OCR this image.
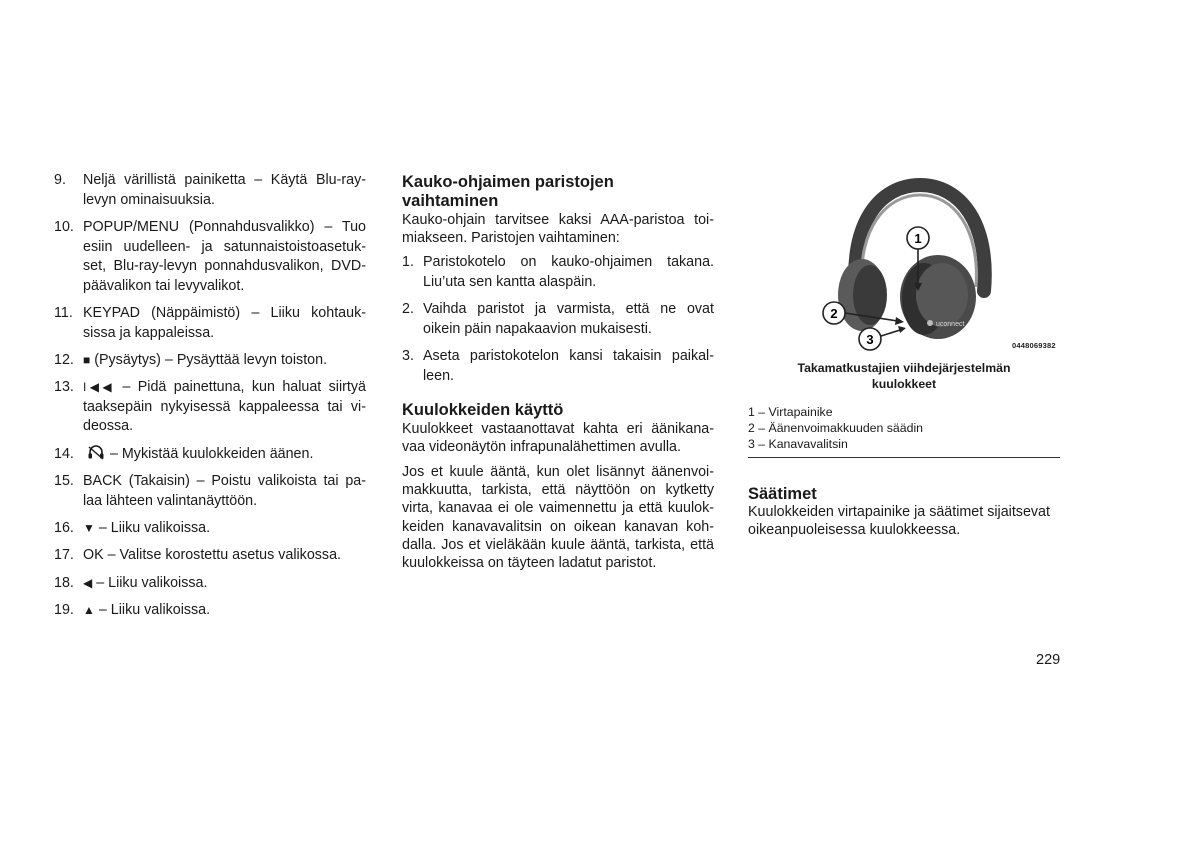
9. Neljä värillistä painiketta – Käytä Blu-ray-levyn ominaisuuksia.
10. POPUP/MENU (Ponnahdusvalikko) – Tuo esiin uudelleen- ja satunnaistoistoasetuk-set, Blu-ray-levyn ponnahdusvalikon, DVD-päävalikon tai levyvalikot.
11. KEYPAD (Näppäimistö) – Liiku kohtauk-sissa ja kappaleissa.
12. ■ (Pysäytys) – Pysäyttää levyn toiston.
13. I◀◀ – Pidä painettuna, kun haluat siirtyä taaksepäin nykyisessä kappaleessa tai vi-deossa.
14.	– Mykistää kuulokkeiden äänen.
15. BACK (Takaisin) – Poistu valikoista tai pa-laa lähteen valintanäyttöön.
16. ▼ – Liiku valikoissa.
17. OK – Valitse korostettu asetus valikossa.
18. ◀ – Liiku valikoissa.
19. ▲ – Liiku valikoissa.
Kauko-ohjaimen paristojen vaihtaminen
Kauko-ohjain tarvitsee kaksi AAA-paristoa toi-miakseen. Paristojen vaihtaminen:
1. Paristokotelo on kauko-ohjaimen takana. Liu’uta sen kantta alaspäin.
2. Vaihda paristot ja varmista, että ne ovat oikein päin napakaavion mukaisesti.
3. Aseta paristokotelon kansi takaisin paikal-leen.
Kuulokkeiden käyttö
Kuulokkeet vastaanottavat kahta eri äänikana-vaa videonäytön infrapunalähettimen avulla.
Jos et kuule ääntä, kun olet lisännyt äänenvoi-makkuutta, tarkista, että näyttöön on kytketty virta, kanavaa ei ole vaimennettu ja että kuulok-keiden kanavavalitsin on oikean kanavan koh-dalla. Jos et vieläkään kuule ääntä, tarkista, että kuulokkeissa on täyteen ladatut paristot.
uconnect
1
2
3	0448069382
Takamatkustajien viihdejärjestelmän kuulokkeet
1 – Virtapainike
2 – Äänenvoimakkuuden säädin
3 – Kanavavalitsin
Säätimet
Kuulokkeiden virtapainike ja säätimet sijaitsevat oikeanpuoleisessa kuulokkeessa.
229
